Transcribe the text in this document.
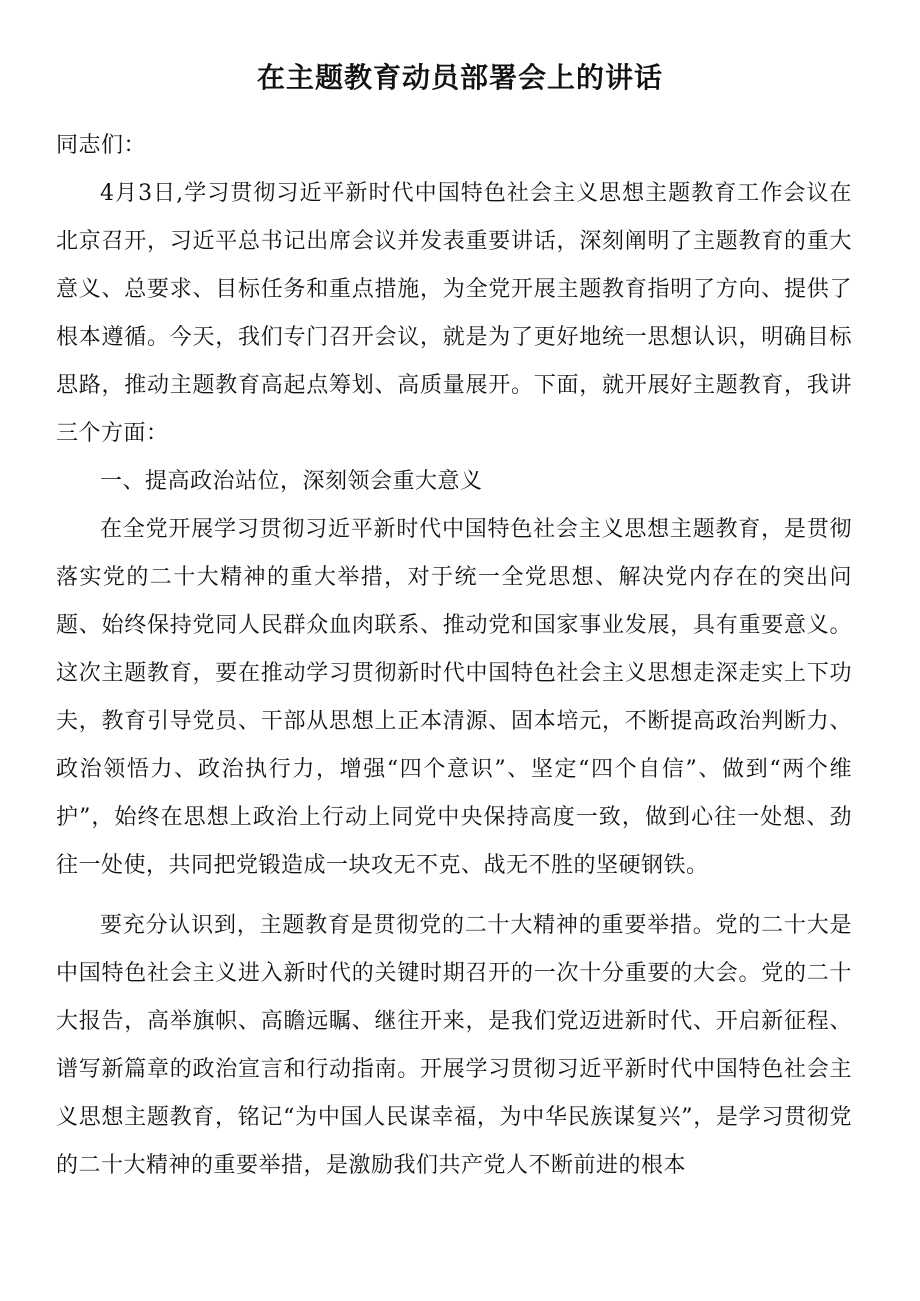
在主题教育动员部署会上的讲话

同志们：

4月3日,学习贯彻习近平新时代中国特色社会主义思想主题教育工作会议在北京召开，习近平总书记出席会议并发表重要讲话，深刻阐明了主题教育的重大意义、总要求、目标任务和重点措施，为全党开展主题教育指明了方向、提供了根本遵循。今天，我们专门召开会议，就是为了更好地统一思想认识，明确目标思路，推动主题教育高起点筹划、高质量展开。下面，就开展好主题教育，我讲三个方面：

一、提高政治站位，深刻领会重大意义

在全党开展学习贯彻习近平新时代中国特色社会主义思想主题教育，是贯彻落实党的二十大精神的重大举措，对于统一全党思想、解决党内存在的突出问题、始终保持党同人民群众血肉联系、推动党和国家事业发展，具有重要意义。这次主题教育，要在推动学习贯彻新时代中国特色社会主义思想走深走实上下功夫，教育引导党员、干部从思想上正本清源、固本培元，不断提高政治判断力、政治领悟力、政治执行力，增强“四个意识”、坚定“四个自信”、做到“两个维护”，始终在思想上政治上行动上同党中央保持高度一致，做到心往一处想、劲往一处使，共同把党锻造成一块攻无不克、战无不胜的坚硬钢铁。

要充分认识到，主题教育是贯彻党的二十大精神的重要举措。党的二十大是中国特色社会主义进入新时代的关键时期召开的一次十分重要的大会。党的二十大报告，高举旗帜、高瞻远瞩、继往开来，是我们党迈进新时代、开启新征程、谱写新篇章的政治宣言和行动指南。开展学习贯彻习近平新时代中国特色社会主义思想主题教育，铭记“为中国人民谋幸福，为中华民族谋复兴”，是学习贯彻党的二十大精神的重要举措，是激励我们共产党人不断前进的根本
